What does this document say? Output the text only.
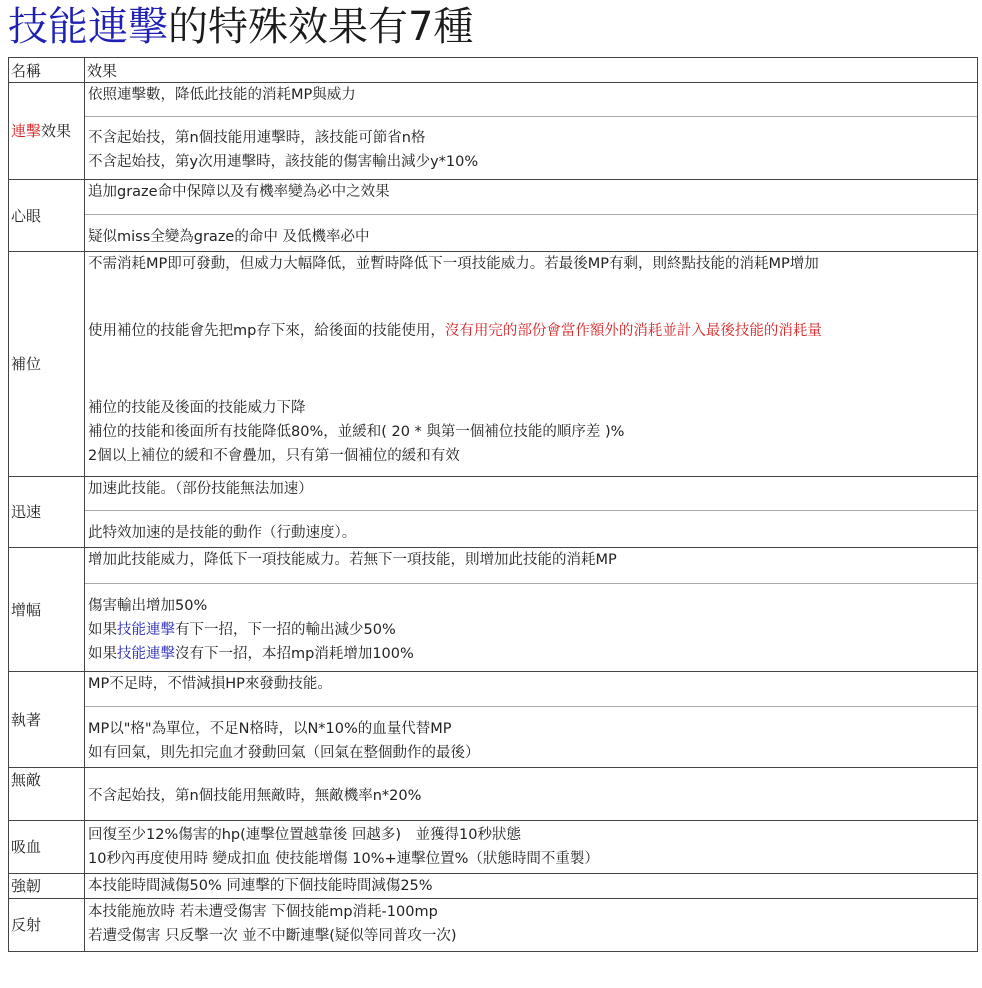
技能連擊的特殊效果有7種
名稱	效果
連擊效果	依照連擊數，降低此技能的消耗MP與威力
不含起始技，第n個技能用連擊時，該技能可節省n格
不含起始技，第y次用連擊時，該技能的傷害輸出減少y*10%

心眼	追加graze命中保障以及有機率變為必中之效果
疑似miss全變為graze的命中 及低機率必中

補位	不需消耗MP即可發動，但威力大幅降低，並暫時降低下一項技能威力。若最後MP有剩，則終點技能的消耗MP增加
使用補位的技能會先把mp存下來，給後面的技能使用，沒有用完的部份會當作額外的消耗並計入最後技能的消耗量
補位的技能及後面的技能威力下降
補位的技能和後面所有技能降低80%，並緩和( 20 * 與第一個補位技能的順序差 )%
2個以上補位的緩和不會疊加，只有第一個補位的緩和有效

迅速	加速此技能。（部份技能無法加速）
此特效加速的是技能的動作（行動速度）。

增幅	增加此技能威力，降低下一項技能威力。若無下一項技能，則增加此技能的消耗MP
傷害輸出增加50%
如果技能連擊有下一招，下一招的輸出減少50%
如果技能連擊沒有下一招，本招mp消耗增加100%

執著	MP不足時，不惜減損HP來發動技能。
MP以"格"為單位，不足N格時，以N*10%的血量代替MP
如有回氣，則先扣完血才發動回氣（回氣在整個動作的最後）

無敵	不含起始技，第n個技能用無敵時，無敵機率n*20%

吸血	回復至少12%傷害的hp(連擊位置越靠後 回越多)　並獲得10秒狀態
10秒內再度使用時 變成扣血 使技能增傷 10%+連擊位置%（狀態時間不重製）

強韌	本技能時間減傷50% 同連擊的下個技能時間減傷25%

反射	本技能施放時 若未遭受傷害 下個技能mp消耗-100mp
若遭受傷害 只反擊一次 並不中斷連擊(疑似等同普攻一次)
